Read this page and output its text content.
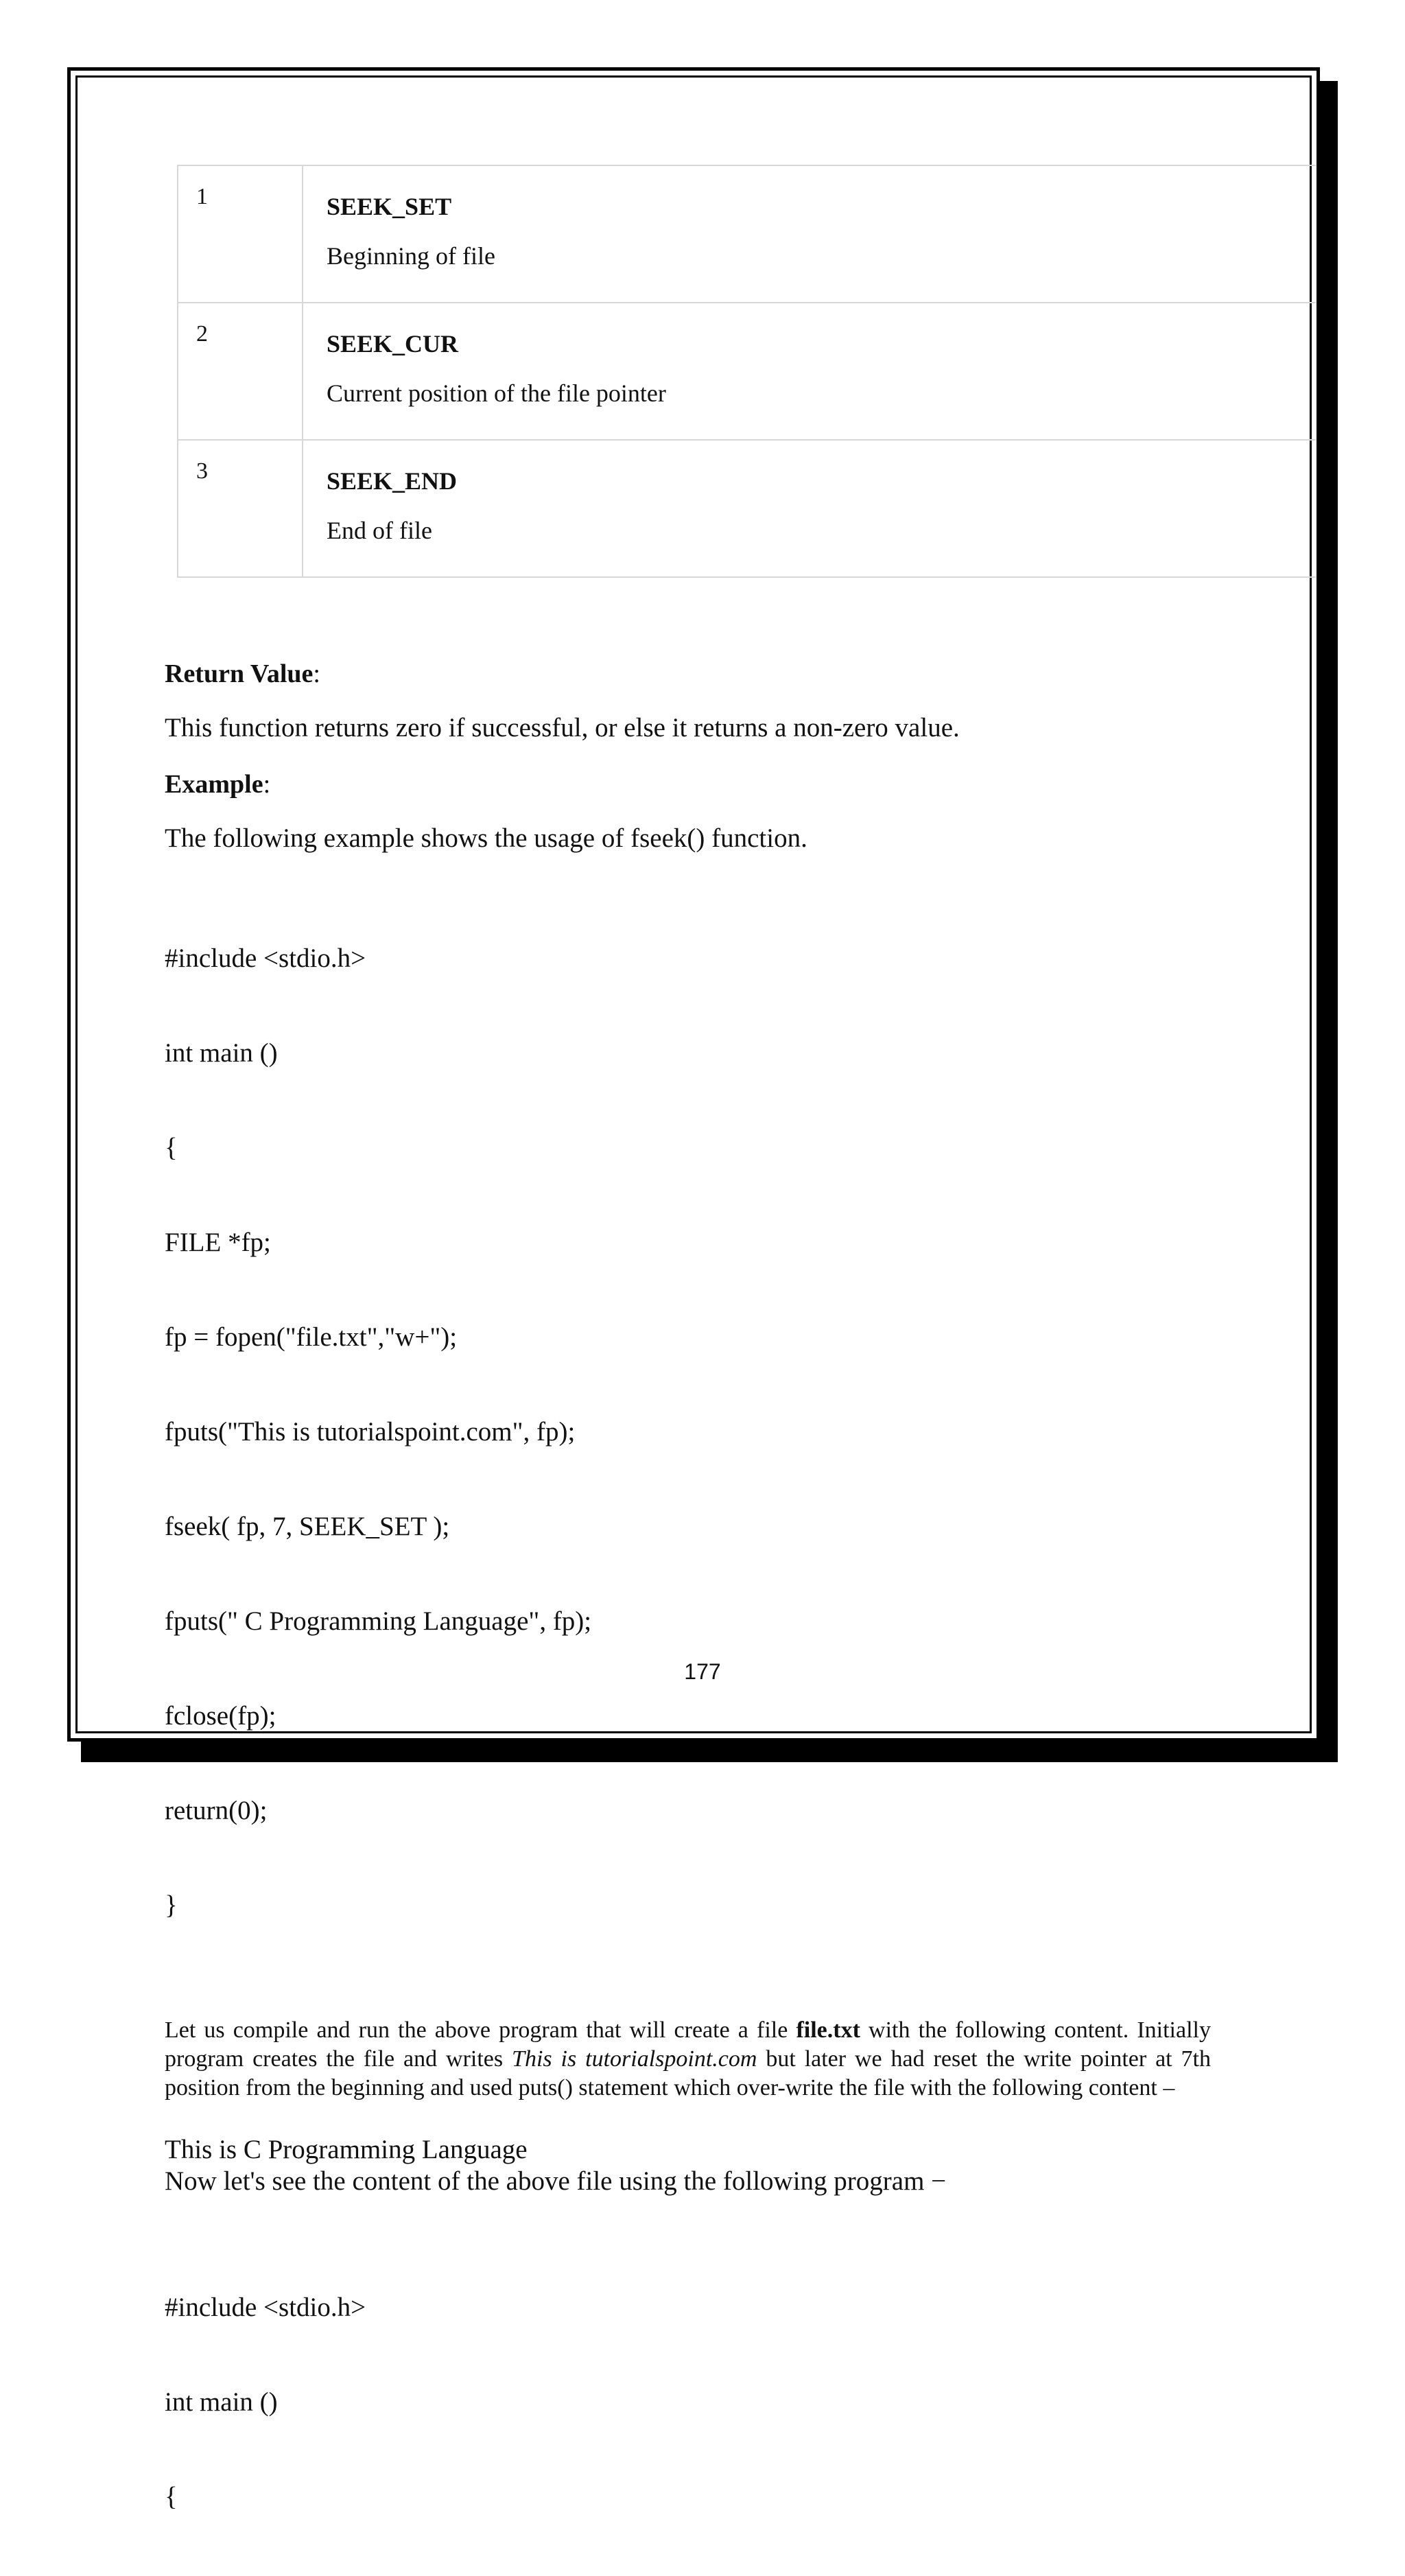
1	SEEK_SET

Beginning of file

2	SEEK_CUR

Current position of the file pointer

3	SEEK_END

End of file

Return Value:

This function returns zero if successful, or else it returns a non-zero value.

Example:

The following example shows the usage of fseek() function.

#include <stdio.h>

int main ()

{

FILE *fp;

fp = fopen("file.txt","w+");

fputs("This is tutorialspoint.com", fp);

fseek( fp, 7, SEEK_SET );

fputs(" C Programming Language", fp);

fclose(fp);

return(0);

}

Let us compile and run the above program that will create a file file.txt with the following content. Initially program creates the file and writes This is tutorialspoint.com but later we had reset the write pointer at 7th position from the beginning and used puts() statement which over-write the file with the following content –

This is C Programming Language
Now let's see the content of the above file using the following program −

#include <stdio.h>

int main ()

{

177
